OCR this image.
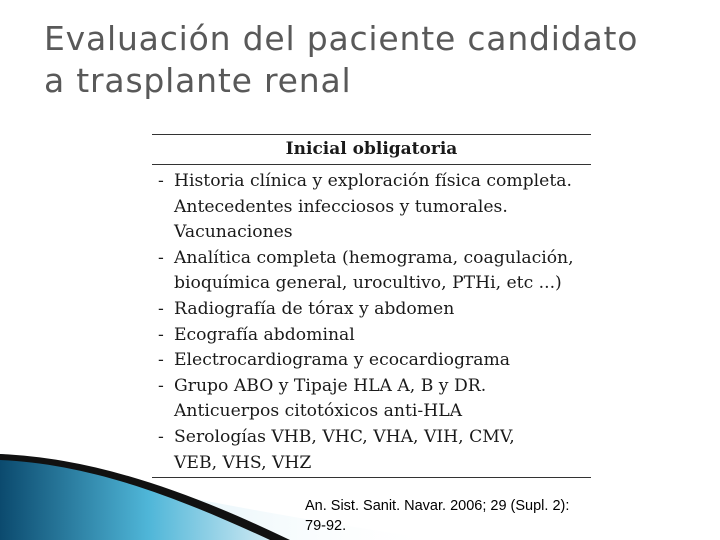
Evaluación del paciente candidato
a trasplante renal
Inicial obligatoria
- Historia clínica y exploración física completa.
Antecedentes infecciosos y tumorales.
Vacunaciones
- Analítica completa (hemograma, coagulación,
bioquímica general, urocultivo, PTHi, etc ...)
- Radiografía de tórax y abdomen
- Ecografía abdominal
- Electrocardiograma y ecocardiograma
- Grupo ABO y Tipaje HLA A, B y DR.
Anticuerpos citotóxicos anti-HLA
- Serologías VHB, VHC, VHA, VIH, CMV,
VEB, VHS, VHZ
An. Sist. Sanit. Navar. 2006; 29 (Supl. 2):
79-92.
